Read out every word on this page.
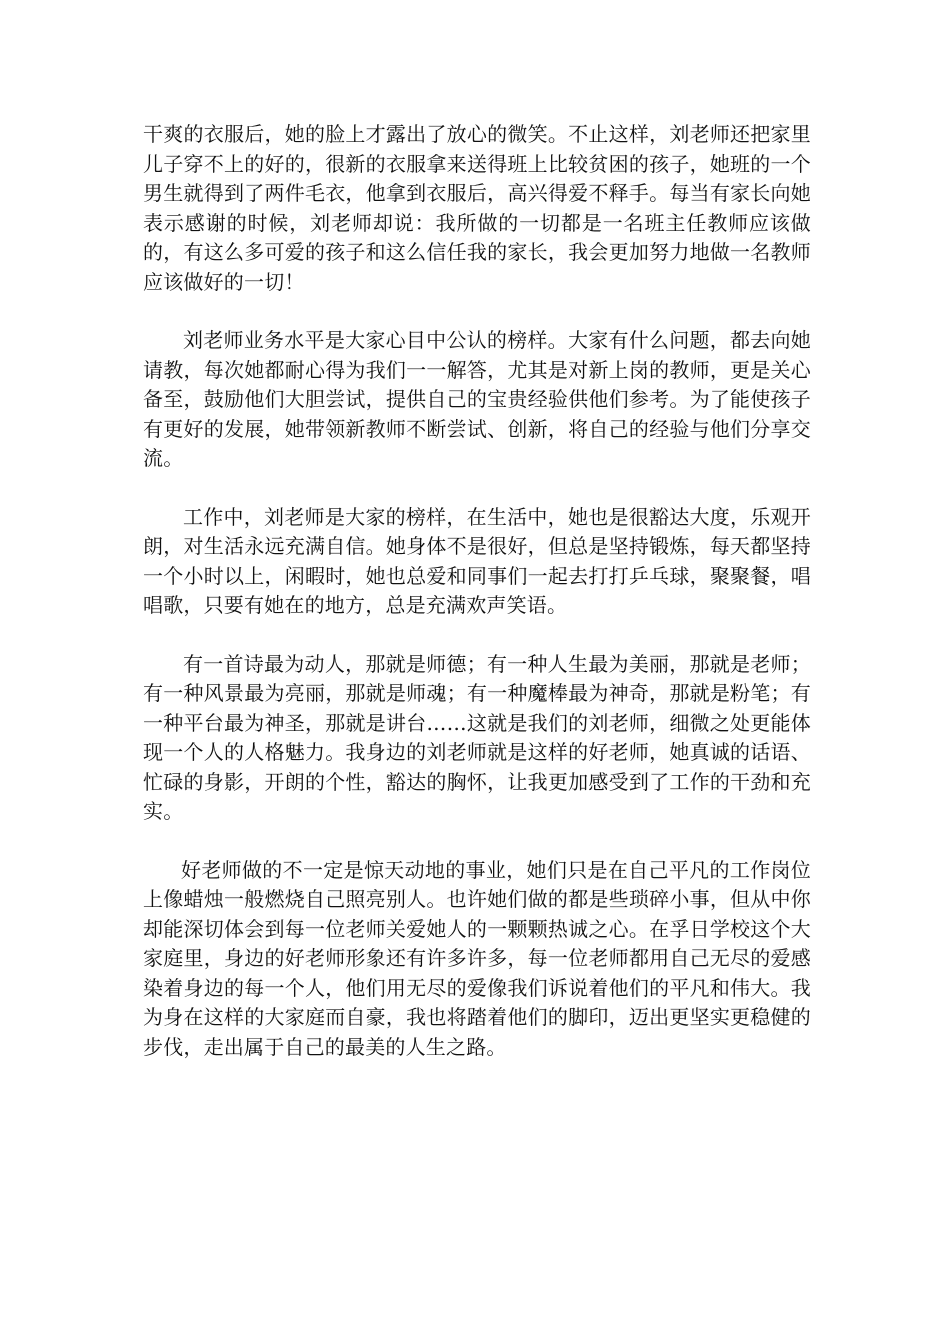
干爽的衣服后，她的脸上才露出了放心的微笑。不止这样，刘老师还把家里儿子穿不上的好的，很新的衣服拿来送得班上比较贫困的孩子，她班的一个男生就得到了两件毛衣，他拿到衣服后，高兴得爱不释手。每当有家长向她表示感谢的时候，刘老师却说：我所做的一切都是一名班主任教师应该做的，有这么多可爱的孩子和这么信任我的家长，我会更加努力地做一名教师应该做好的一切！

刘老师业务水平是大家心目中公认的榜样。大家有什么问题，都去向她请教，每次她都耐心得为我们一一解答，尤其是对新上岗的教师，更是关心备至，鼓励他们大胆尝试，提供自己的宝贵经验供他们参考。为了能使孩子有更好的发展，她带领新教师不断尝试、创新，将自己的经验与他们分享交流。

工作中，刘老师是大家的榜样，在生活中，她也是很豁达大度，乐观开朗，对生活永远充满自信。她身体不是很好，但总是坚持锻炼，每天都坚持一个小时以上，闲暇时，她也总爱和同事们一起去打打乒乓球，聚聚餐，唱唱歌，只要有她在的地方，总是充满欢声笑语。

有一首诗最为动人，那就是师德；有一种人生最为美丽，那就是老师；有一种风景最为亮丽，那就是师魂；有一种魔棒最为神奇，那就是粉笔；有一种平台最为神圣，那就是讲台……这就是我们的刘老师，细微之处更能体现一个人的人格魅力。我身边的刘老师就是这样的好老师，她真诚的话语、忙碌的身影，开朗的个性，豁达的胸怀，让我更加感受到了工作的干劲和充实。

好老师做的不一定是惊天动地的事业，她们只是在自己平凡的工作岗位上像蜡烛一般燃烧自己照亮别人。也许她们做的都是些琐碎小事，但从中你却能深切体会到每一位老师关爱她人的一颗颗热诚之心。在孚日学校这个大家庭里，身边的好老师形象还有许多许多，每一位老师都用自己无尽的爱感染着身边的每一个人，他们用无尽的爱像我们诉说着他们的平凡和伟大。我为身在这样的大家庭而自豪，我也将踏着他们的脚印，迈出更坚实更稳健的步伐，走出属于自己的最美的人生之路。
